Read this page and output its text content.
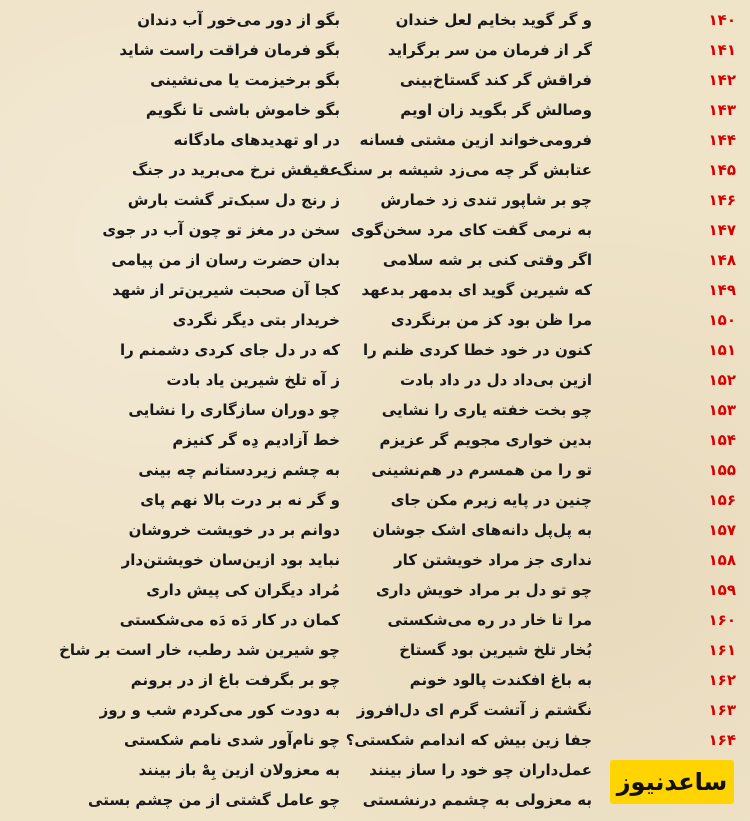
۱۴۰
و گر گوید بخایم لعل خندان
بگو از دور می‌خور آب دندان
۱۴۱
گر از فرمان من سر برگراید
بگو فرمان فراقت راست شاید
۱۴۲
فراقش گر کند گستاخ‌بینی
بگو برخیزمت یا می‌نشینی
۱۴۳
وصالش گر بگوید زان اویم
بگو خاموش باشی تا نگویم
۱۴۴
فرومی‌خواند ازین مشتی فسانه
در او تهدیدهای مادگانه
۱۴۵
عتابش گر چه می‌زد شیشه بر سنگ
عقیقش نرخ می‌برید در جنگ
۱۴۶
چو بر شاپور تندی زد خمارش
ز رنج دل سبک‌تر گشت بارش
۱۴۷
به نرمی گفت کای مرد سخن‌گوی
سخن در مغز تو چون آب در جوی
۱۴۸
اگر وقتی کنی بر شه سلامی
بدان حضرت رسان از من پیامی
۱۴۹
که شیرین گوید ای بدمهر بدعهد
کجا آن صحبت شیرین‌تر از شهد
۱۵۰
مرا ظن بود کز من برنگردی
خریدار بتی دیگر نگردی
۱۵۱
کنون در خود خطا کردی ظنم را
که در دل جای کردی دشمنم را
۱۵۲
ازین بی‌داد دل در داد بادت
ز آه تلخ شیرین یاد بادت
۱۵۳
چو بخت خفته یاری را نشایی
چو دوران سازگاری را نشایی
۱۵۴
بدین خواری مجویم گر عزیزم
خط آزادیم دِه گر کنیزم
۱۵۵
تو را من همسرم در هم‌نشینی
به چشم زیردستانم چه بینی
۱۵۶
چنین در پایه زیرم مکن جای
و گر نه بر درت بالا نهم پای
۱۵۷
به پل‌پل دانه‌های اشک جوشان
دوانم بر در خویشت خروشان
۱۵۸
نداری جز مراد خویشتن کار
نباید بود ازین‌سان خویشتن‌دار
۱۵۹
چو تو دل بر مراد خویش داری
مُراد دیگران کی پیش داری
۱۶۰
مرا تا خار در ره می‌شکستی
کمان در کار دَه دَه می‌شکستی
۱۶۱
بُخار تلخ شیرین بود گستاخ
چو شیرین شد رطب، خار است بر شاخ
۱۶۲
به باغ افکندت پالود خونم
چو بر بگرفت باغ از در برونم
۱۶۳
نگشتم ز آتشت گرم ای دل‌افروز
به دودت کور می‌کردم شب و روز
۱۶۴
جفا زین بیش که اندامم شکستی؟
چو نام‌آور شدی نامم شکستی
عمل‌داران چو خود را ساز بینند
به معزولان ازین بِهْ باز بینند
به معزولی به چشمم درنشستی
چو عامل گشتی از من چشم بستی
ساعدنیوز
